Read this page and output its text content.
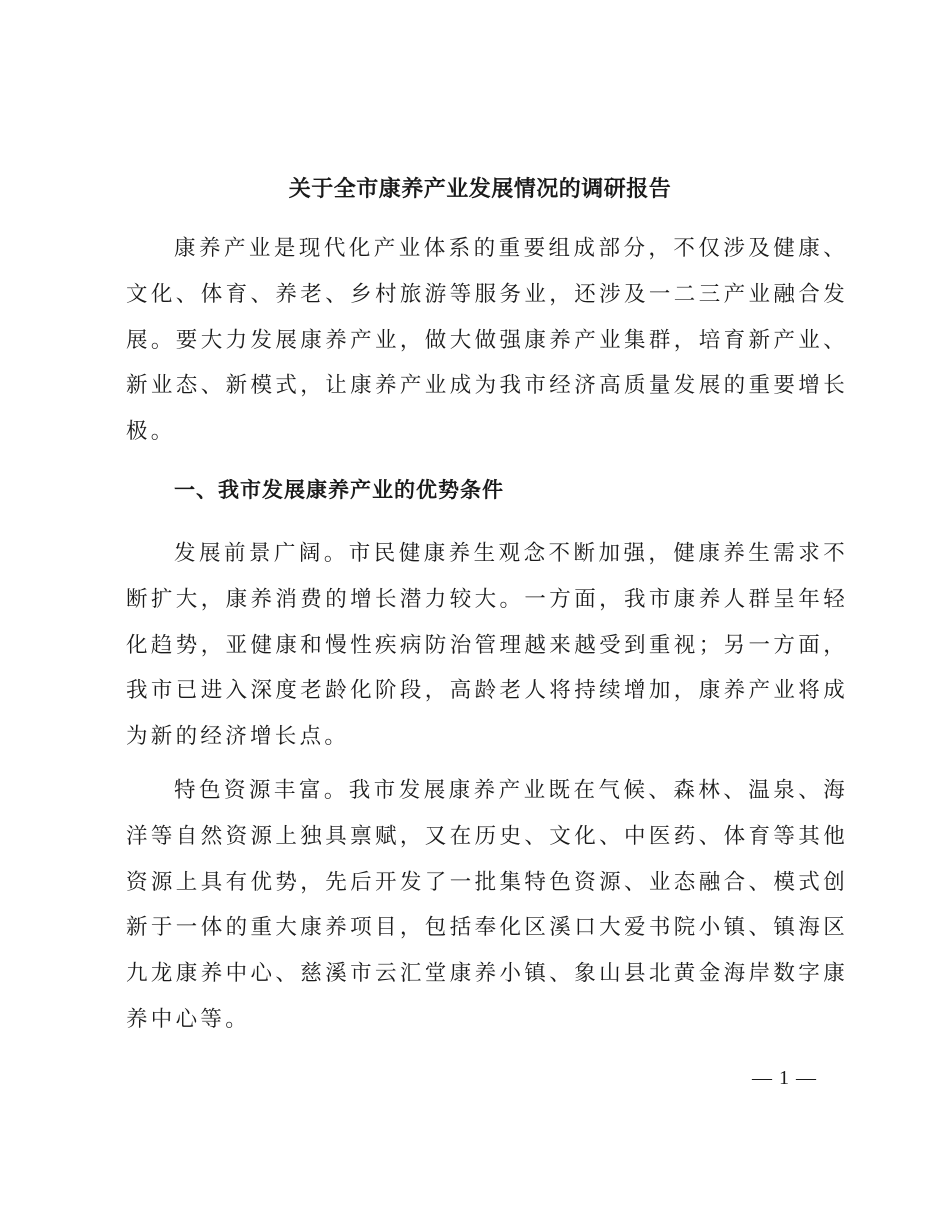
关于全市康养产业发展情况的调研报告

康养产业是现代化产业体系的重要组成部分，不仅涉及健康、文化、体育、养老、乡村旅游等服务业，还涉及一二三产业融合发展。要大力发展康养产业，做大做强康养产业集群，培育新产业、新业态、新模式，让康养产业成为我市经济高质量发展的重要增长极。

一、我市发展康养产业的优势条件

发展前景广阔。市民健康养生观念不断加强，健康养生需求不断扩大，康养消费的增长潜力较大。一方面，我市康养人群呈年轻化趋势，亚健康和慢性疾病防治管理越来越受到重视；另一方面，我市已进入深度老龄化阶段，高龄老人将持续增加，康养产业将成为新的经济增长点。

特色资源丰富。我市发展康养产业既在气候、森林、温泉、海洋等自然资源上独具禀赋，又在历史、文化、中医药、体育等其他资源上具有优势，先后开发了一批集特色资源、业态融合、模式创新于一体的重大康养项目，包括奉化区溪口大爱书院小镇、镇海区九龙康养中心、慈溪市云汇堂康养小镇、象山县北黄金海岸数字康养中心等。

— 1 —
